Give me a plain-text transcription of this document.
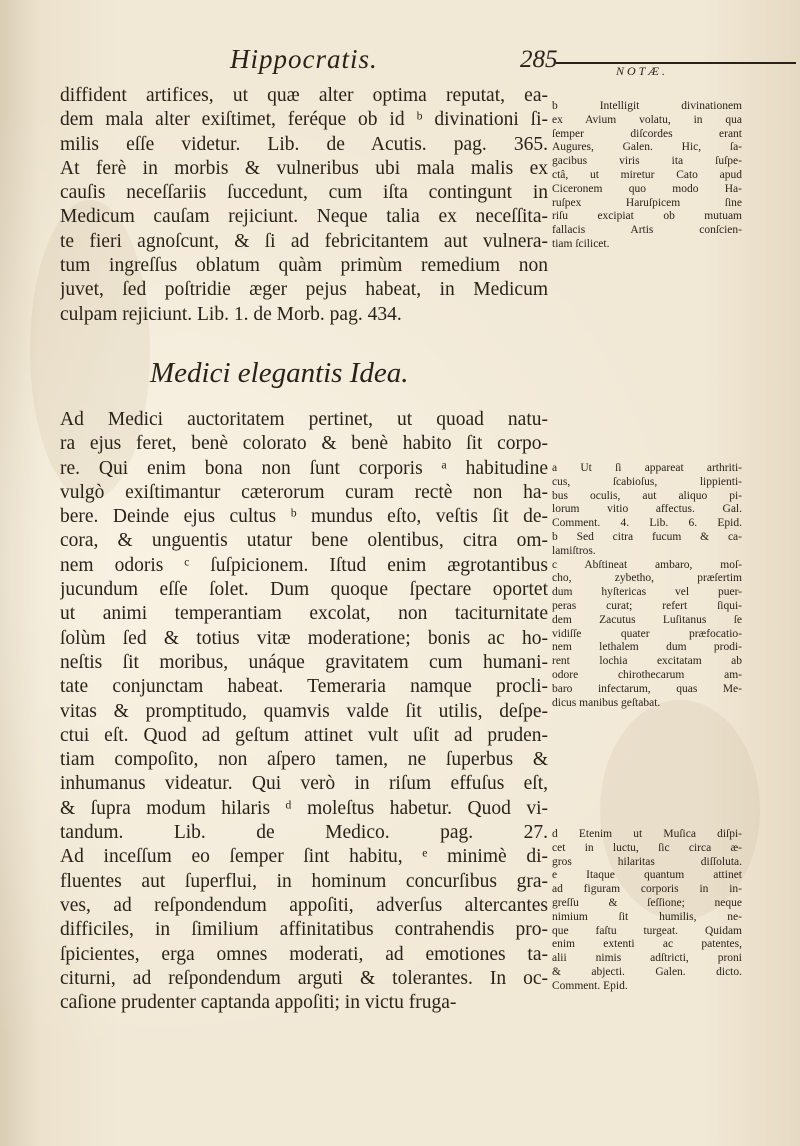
Hippocratis.	285	NOTÆ.
diffident artifices, ut quæ alter optima reputat, ea-
dem mala alter exiſtimet, feréque ob id ᵇ divinationi ſi-
milis eſſe videtur. Lib. de Acutis. pag. 365.
At ferè in morbis & vulneribus ubi mala malis ex
cauſis neceſſariis ſuccedunt, cum iſta contingunt in
Medicum cauſam rejiciunt. Neque talia ex neceſſita-
te fieri agnoſcunt, & ſi ad febricitantem aut vulnera-
tum ingreſſus oblatum quàm primùm remedium non
juvet, ſed poſtridie æger pejus habeat, in Medicum
culpam rejiciunt. Lib. 1. de Morb. pag. 434.
b Intelligit divinationem
ex Avium volatu, in qua
ſemper diſcordes erant
Augures, Galen. Hic, ſa-
gacibus viris ita ſuſpe-
ctâ, ut miretur Cato apud
Ciceronem quo modo Ha-
ruſpex Haruſpicem ſine
riſu excipiat ob mutuam
fallacis Artis conſcien-
tiam ſcilicet.
Medici elegantis Idea.
Ad Medici auctoritatem pertinet, ut quoad natu-
ra ejus feret, benè colorato & benè habito ſit corpo-
re. Qui enim bona non ſunt corporis ᵃ habitudine
vulgò exiſtimantur cæterorum curam rectè non ha-
bere. Deinde ejus cultus ᵇ mundus eſto, veſtis ſit de-
cora, & unguentis utatur bene olentibus, citra om-
nem odoris ᶜ ſuſpicionem. Iſtud enim ægrotantibus
jucundum eſſe ſolet. Dum quoque ſpectare oportet
ut animi temperantiam excolat, non taciturnitate
ſolùm ſed & totius vitæ moderatione; bonis ac ho-
neſtis ſit moribus, unáque gravitatem cum humani-
tate conjunctam habeat. Temeraria namque procli-
vitas & promptitudo, quamvis valde ſit utilis, deſpe-
ctui eſt. Quod ad geſtum attinet vult uſit ad pruden-
tiam compoſito, non aſpero tamen, ne ſuperbus &
inhumanus videatur. Qui verò in riſum effuſus eſt,
& ſupra modum hilaris ᵈ moleſtus habetur. Quod vi-
tandum. Lib. de Medico. pag. 27.
Ad inceſſum eo ſemper ſint habitu, ᵉ minimè di-
fluentes aut ſuperflui, in hominum concurſibus gra-
ves, ad reſpondendum appoſiti, adverſus altercantes
difficiles, in ſimilium affinitatibus contrahendis pro-
ſpicientes, erga omnes moderati, ad emotiones ta-
citurni, ad reſpondendum arguti & tolerantes. In oc-
caſione prudenter captanda appoſiti; in victu fruga-
a Ut ſi appareat arthriti-
cus, ſcabioſus, lippienti-
bus oculis, aut aliquo pi-
lorum vitio affectus. Gal.
Comment. 4. Lib. 6. Epid.
b Sed citra fucum & ca-
lamiſtros.
c Abſtineat ambaro, moſ-
cho, zybetho, præſertim
dum hyſtericas vel puer-
peras curat; refert ſiqui-
dem Zacutus Luſitanus ſe
vidiſſe quater præfocatio-
nem lethalem dum prodi-
rent lochia excitatam ab
odore chirothecarum am-
baro infectarum, quas Me-
dicus manibus geſtabat.
d Etenim ut Muſica diſpi-
cet in luctu, ſic circa æ-
gros hilaritas diſſoluta.
e Itaque quantum attinet
ad figuram corporis in in-
greſſu & ſeſſione; neque
nimium ſit humilis, ne-
que faſtu turgeat. Quidam
enim extenti ac patentes,
alii nimis adſtricti, proni
& abjecti. Galen. dicto.
Comment. Epid.
